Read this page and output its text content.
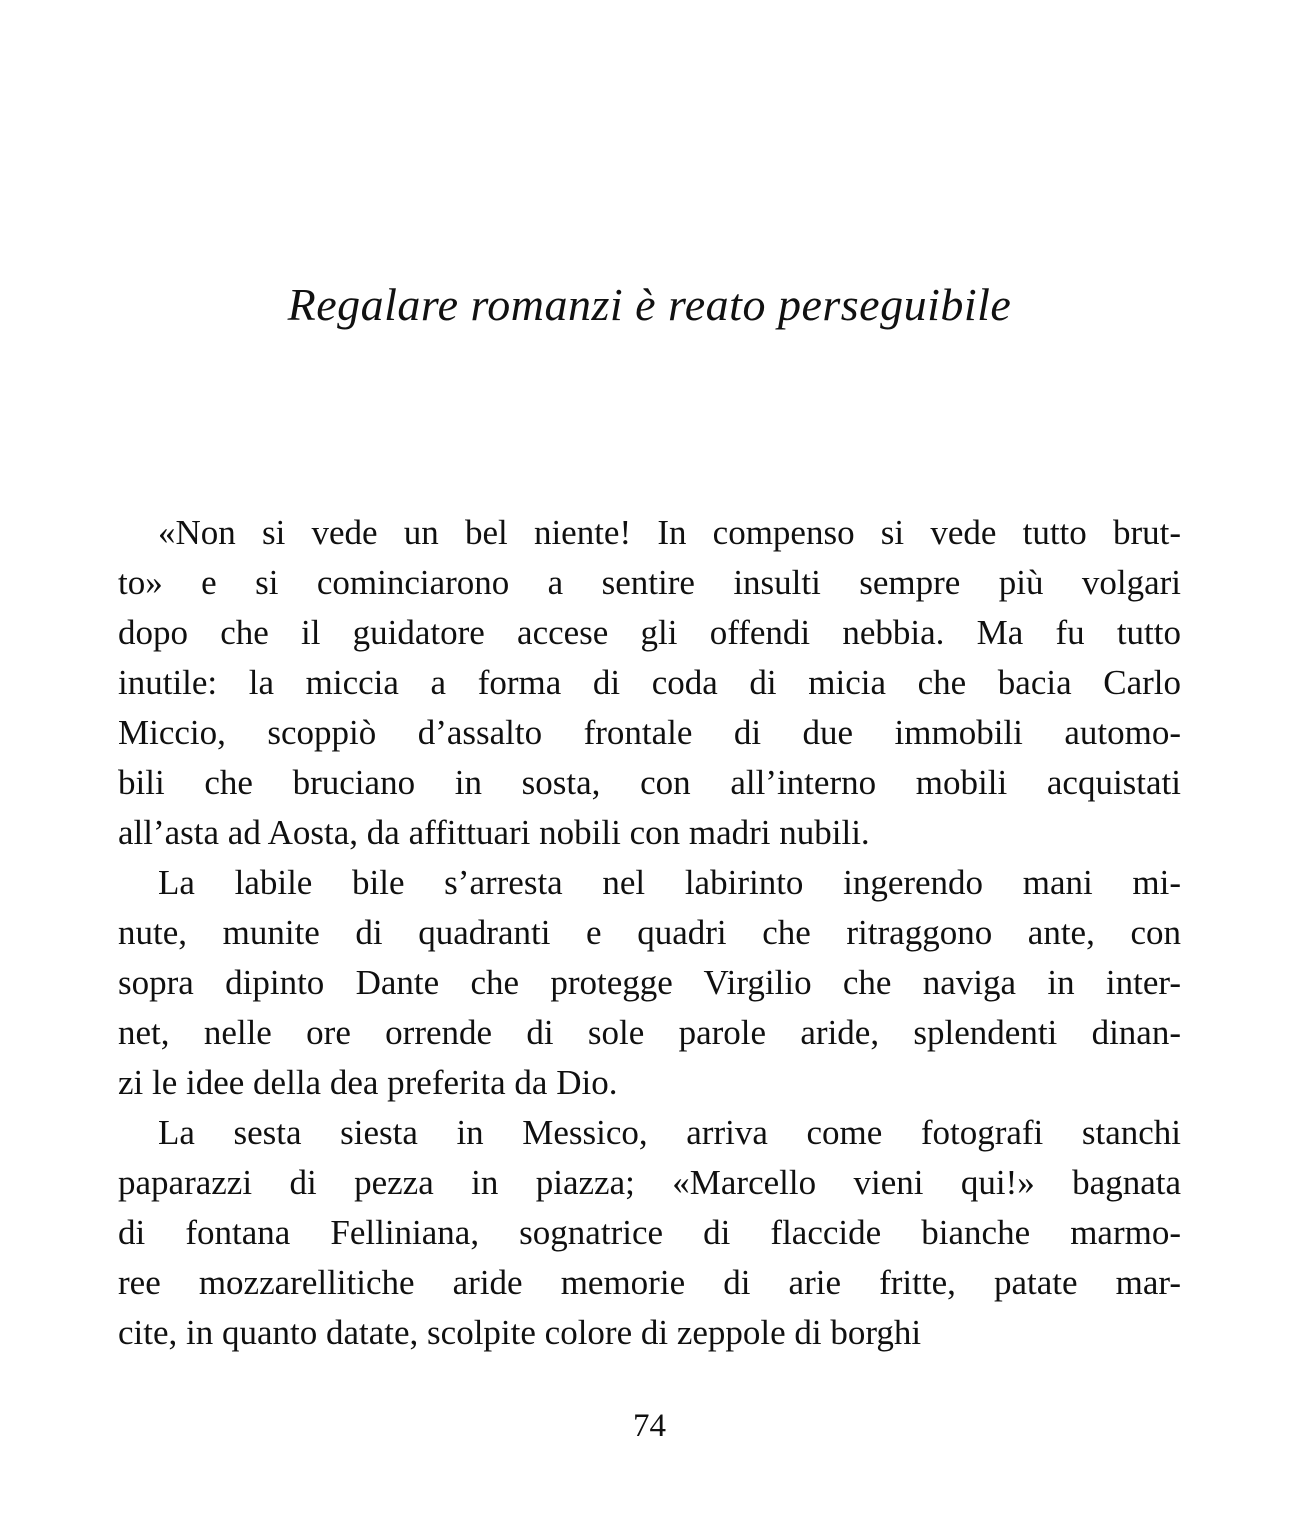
Regalare romanzi è reato perseguibile
«Non si vede un bel niente! In compenso si vede tutto brut-
to» e si cominciarono a sentire insulti sempre più volgari
dopo che il guidatore accese gli offendi nebbia. Ma fu tutto
inutile: la miccia a forma di coda di micia che bacia Carlo
Miccio, scoppiò d’assalto frontale di due immobili automo-
bili che bruciano in sosta, con all’interno mobili acquistati
all’asta ad Aosta, da affittuari nobili con madri nubili.
La labile bile s’arresta nel labirinto ingerendo mani mi-
nute, munite di quadranti e quadri che ritraggono ante, con
sopra dipinto Dante che protegge Virgilio che naviga in inter-
net, nelle ore orrende di sole parole aride, splendenti dinan-
zi le idee della dea preferita da Dio.
La sesta siesta in Messico, arriva come fotografi stanchi
paparazzi di pezza in piazza; «Marcello vieni qui!» bagnata
di fontana Felliniana, sognatrice di flaccide bianche marmo-
ree mozzarellitiche aride memorie di arie fritte, patate mar-
cite, in quanto datate, scolpite colore di zeppole di borghi
74
